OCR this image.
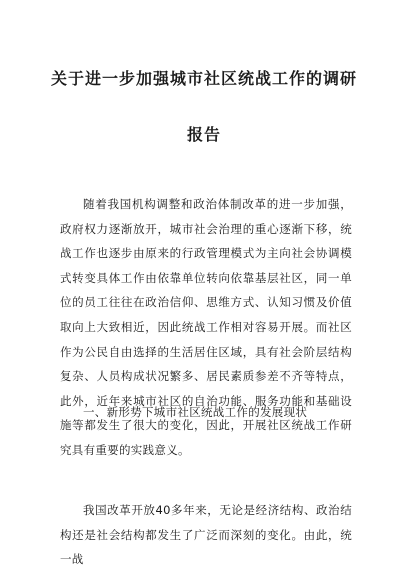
关于进一步加强城市社区统战工作的调研
报告

随着我国机构调整和政治体制改革的进一步加强，政府权力逐渐放开，城市社会治理的重心逐渐下移，统战工作也逐步由原来的行政管理模式为主向社会协调模式转变具体工作由依靠单位转向依靠基层社区，同一单位的员工往往在政治信仰、思维方式、认知习惯及价值取向上大致相近，因此统战工作相对容易开展。而社区作为公民自由选择的生活居住区域，具有社会阶层结构复杂、人员构成状况繁多、居民素质参差不齐等特点，此外，近年来城市社区的自治功能、服务功能和基础设施等都发生了很大的变化，因此，开展社区统战工作研究具有重要的实践意义。

一、新形势下城市社区统战工作的发展现状

我国改革开放40多年来，无论是经济结构、政治结构还是社会结构都发生了广泛而深刻的变化。由此，统一战
